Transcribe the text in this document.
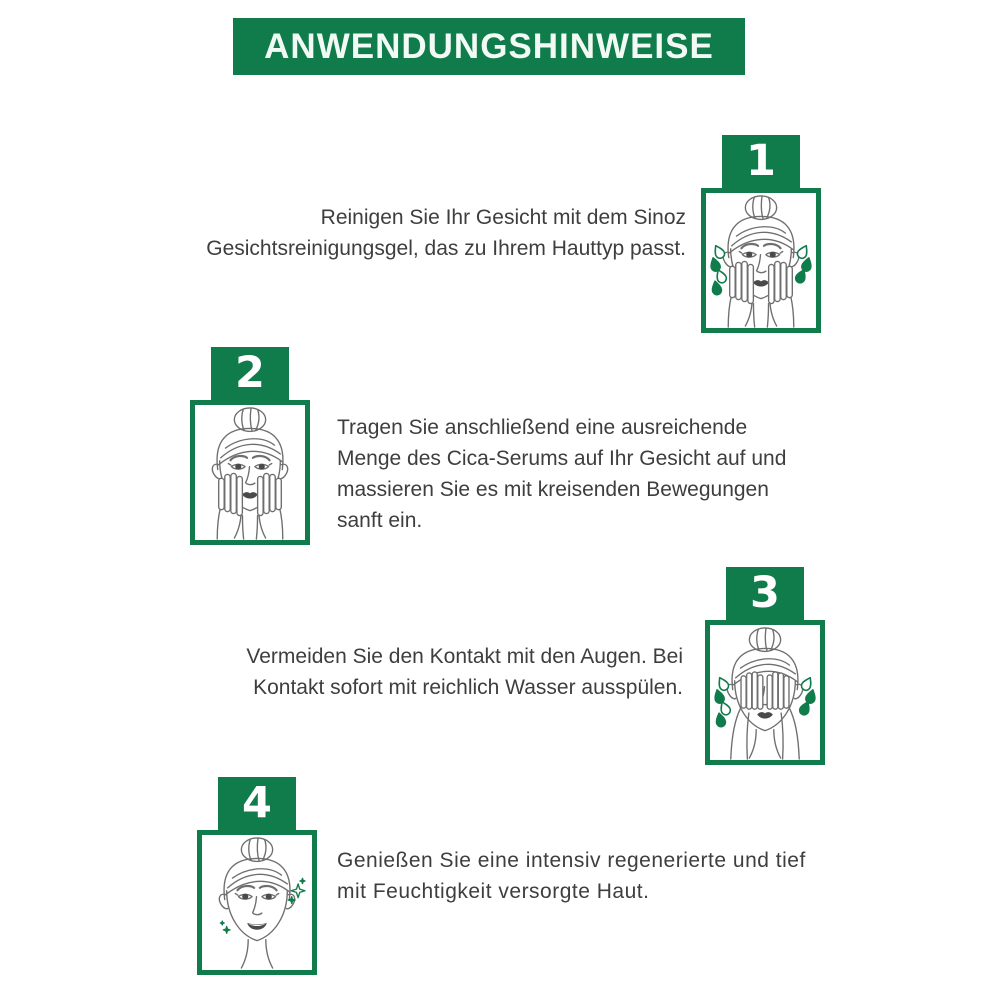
ANWENDUNGSHINWEISE
1

Reinigen Sie Ihr Gesicht mit dem Sinoz Gesichtsreinigungsgel, das zu Ihrem Hauttyp passt.

2

Tragen Sie anschließend eine ausreichende Menge des Cica-Serums auf Ihr Gesicht auf und massieren Sie es mit kreisenden Bewegungen sanft ein.

3

Vermeiden Sie den Kontakt mit den Augen. Bei Kontakt sofort mit reichlich Wasser ausspülen.

4

Genießen Sie eine intensiv regenerierte und tief mit Feuchtigkeit versorgte Haut.
